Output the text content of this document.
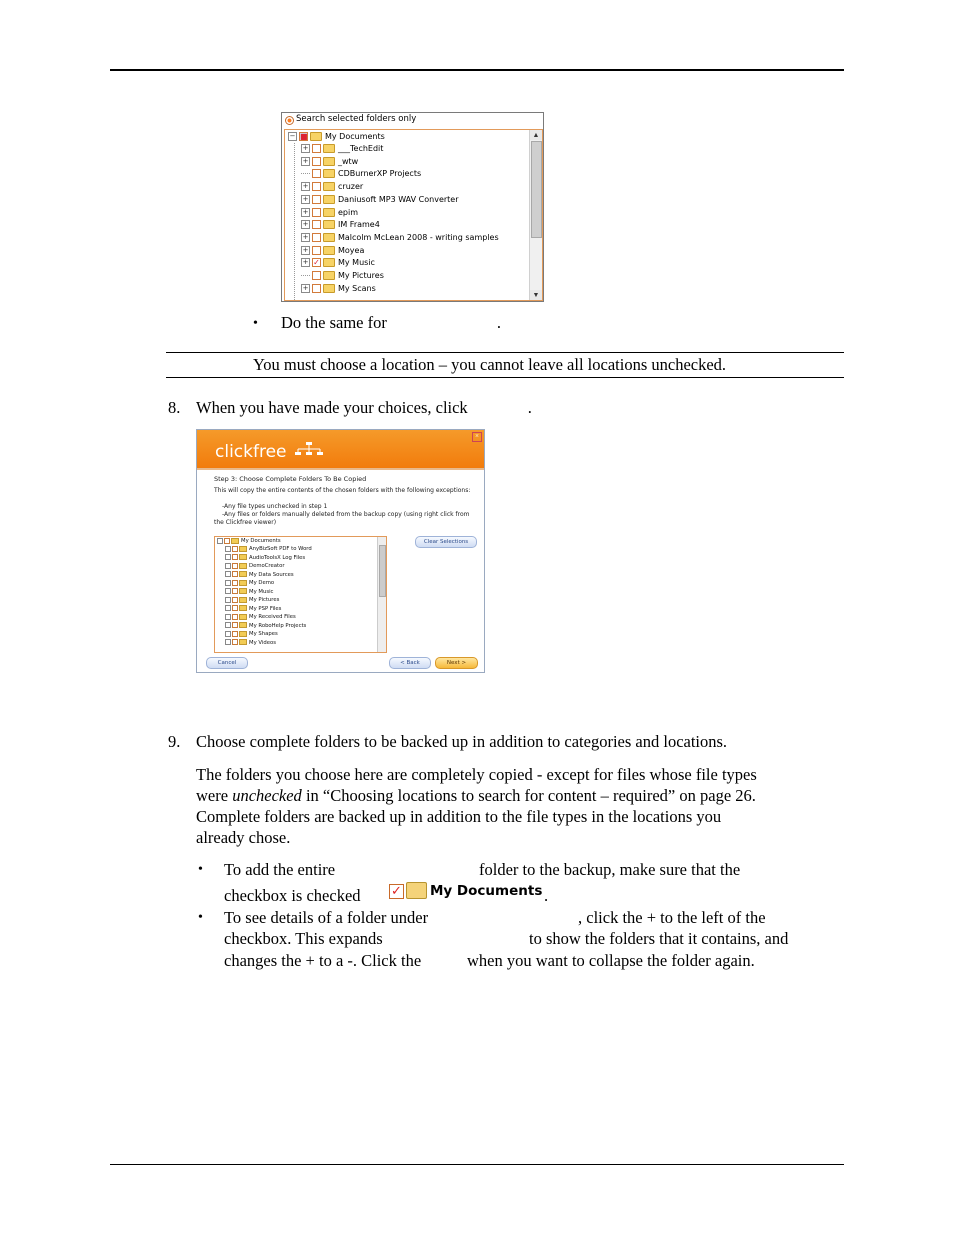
Search selected folders only
− ■ My Documents
+	___TechEdit
+	_wtw
CDBurnerXP Projects
+	cruzer
+	Daniusoft MP3 WAV Converter
+	epim
+	IM Frame4
+	Malcolm McLean 2008 - writing samples
+	Moyea
+ ✓ My Music
My Pictures
+	My Scans
▲
▼
• Do the same for	.
You must choose a location – you cannot leave all locations unchecked.
8. When you have made your choices, click	.
clickfree
×
Step 3: Choose Complete Folders To Be Copied
This will copy the entire contents of the chosen folders with the following exceptions:
-Any file types unchecked in step 1
-Any files or folders manually deleted from the backup copy (using right click from
the Clickfree viewer)
My Documents
AnyBizSoft PDF to Word
AudioToolsX Log Files
DemoCreator
My Data Sources
My Demo
My Music
My Pictures
My PSP Files
My Received Files
My RoboHelp Projects
My Shapes
My Videos
Clear Selections
Cancel	< Back	Next >
9. Choose complete folders to be backed up in addition to categories and locations.
The folders you choose here are completely copied - except for files whose file types
were unchecked in “Choosing locations to search for content – required” on page 26.
Complete folders are backed up in addition to the file types in the locations you
already chose.
• To add the entire	folder to the backup, make sure that the
checkbox is checked ✓ My Documents .
• To see details of a folder under	, click the + to the left of the
checkbox. This expands	to show the folders that it contains, and
changes the + to a -. Click the	when you want to collapse the folder again.
